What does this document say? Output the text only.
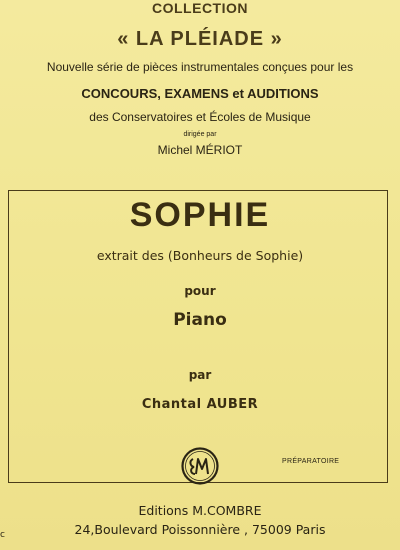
COLLECTION
« LA PLÉIADE »
Nouvelle série de pièces instrumentales conçues pour les
CONCOURS, EXAMENS et AUDITIONS
des Conservatoires et Écoles de Musique
dirigée par
Michel MÉRIOT
SOPHIE
extrait des (Bonheurs de Sophie)
pour
Piano
par
Chantal AUBER
PRÉPARATOIRE
Editions M.COMBRE
24,Boulevard Poissonnière , 75009 Paris
c
